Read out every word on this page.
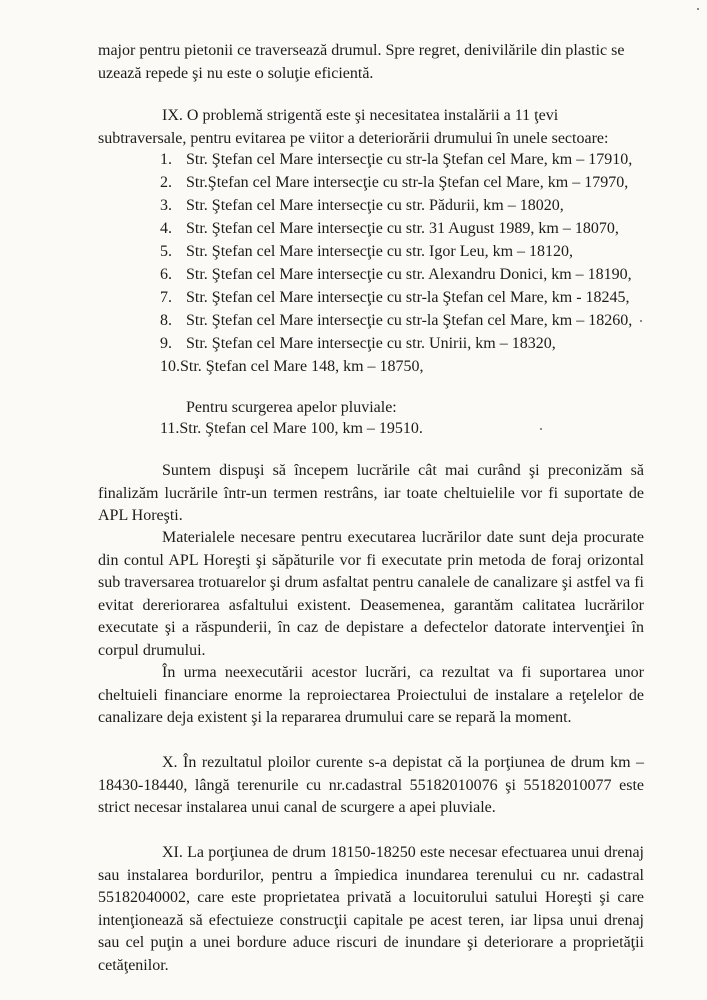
major pentru pietonii ce traversează drumul. Spre regret, denivilările din plastic se
uzează repede şi nu este o soluţie eficientă.
IX. O problemă strigentă este şi necesitatea instalării a 11 ţevi
subtraversale, pentru evitarea pe viitor a deteriorării drumului în unele sectoare:
1. Str. Ştefan cel Mare intersecţie cu str-la Ştefan cel Mare, km – 17910,
2. Str.Ştefan cel Mare intersecţie cu str-la Ştefan cel Mare, km – 17970,
3. Str. Ştefan cel Mare intersecţie cu str. Pădurii, km – 18020,
4. Str. Ştefan cel Mare intersecţie cu str. 31 August 1989, km – 18070,
5. Str. Ştefan cel Mare intersecţie cu str. Igor Leu, km – 18120,
6. Str. Ştefan cel Mare intersecţie cu str. Alexandru Donici, km – 18190,
7. Str. Ştefan cel Mare intersecţie cu str-la Ştefan cel Mare, km - 18245,
8. Str. Ştefan cel Mare intersecţie cu str-la Ştefan cel Mare, km – 18260,
9. Str. Ştefan cel Mare intersecţie cu str. Unirii, km – 18320,
10.Str. Ştefan cel Mare 148, km – 18750,
Pentru scurgerea apelor pluviale:
11.Str. Ştefan cel Mare 100, km – 19510.
Suntem dispuşi să începem lucrările cât mai curând şi preconizăm să finalizăm lucrările într-un termen restrâns, iar toate cheltuielile vor fi suportate de APL Horeşti.
Materialele necesare pentru executarea lucrărilor date sunt deja procurate din contul APL Horeşti şi săpăturile vor fi executate prin metoda de foraj orizontal sub traversarea trotuarelor şi drum asfaltat pentru canalele de canalizare şi astfel va fi evitat dereriorarea asfaltului existent. Deasemenea, garantăm calitatea lucrărilor executate şi a răspunderii, în caz de depistare a defectelor datorate intervenţiei în corpul drumului.
În urma neexecutării acestor lucrări, ca rezultat va fi suportarea unor cheltuieli financiare enorme la reproiectarea Proiectului de instalare a reţelelor de canalizare deja existent şi la repararea drumului care se repară la moment.
X. În rezultatul ploilor curente s-a depistat că la porţiunea de drum km – 18430-18440, lângă terenurile cu nr.cadastral 55182010076 şi 55182010077 este strict necesar instalarea unui canal de scurgere a apei pluviale.
XI. La porţiunea de drum 18150-18250 este necesar efectuarea unui drenaj sau instalarea bordurilor, pentru a împiedica inundarea terenului cu nr. cadastral 55182040002, care este proprietatea privată a locuitorului satului Horeşti şi care intenţionează să efectuieze construcţii capitale pe acest teren, iar lipsa unui drenaj sau cel puţin a unei bordure aduce riscuri de inundare şi deteriorare a proprietăţii cetăţenilor.
